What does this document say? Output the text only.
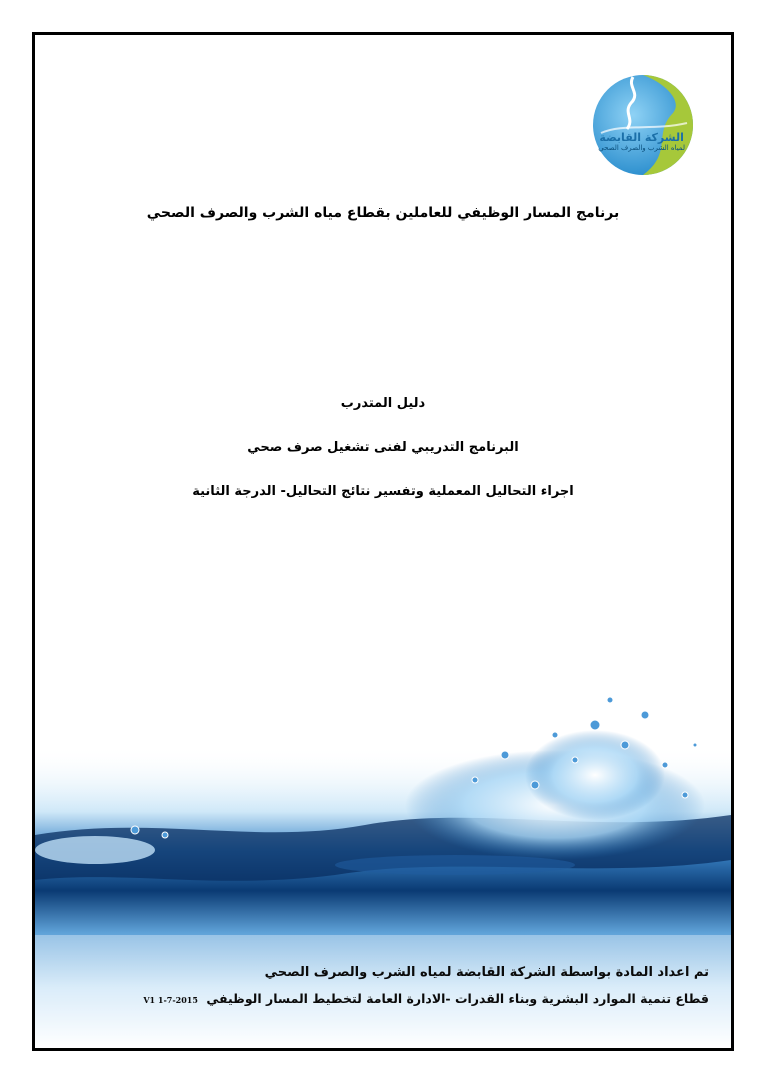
الشركة القابضة
لمياه الشرب والصرف الصحي
برنامج المسار الوظيفي للعاملين بقطاع مياه الشرب والصرف الصحي
دليل المتدرب
البرنامج التدريبي لفنى تشغيل صرف صحي
اجراء التحاليل المعملية وتفسير نتائج التحاليل- الدرجة الثانية
تم اعداد المادة بواسطة الشركة القابضة لمياه الشرب والصرف الصحي
قطاع تنمية الموارد البشرية وبناء القدرات -الادارة العامة لتخطيط المسار الوظيفي V1 1-7-2015
